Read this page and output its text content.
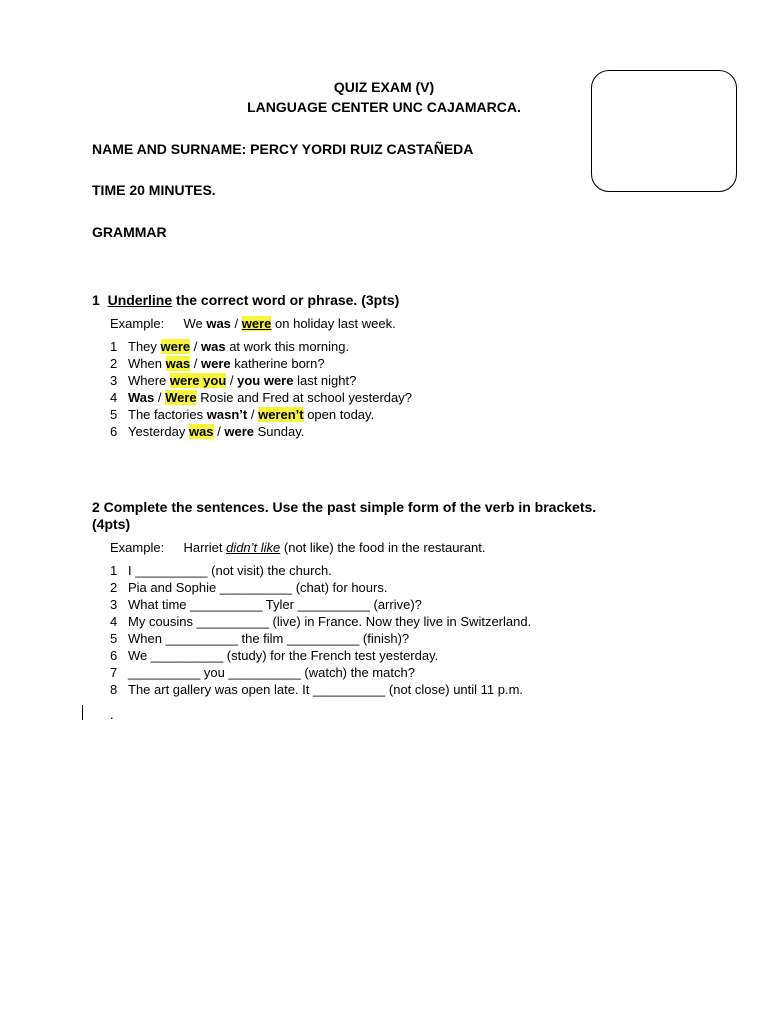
QUIZ EXAM (V)
LANGUAGE CENTER UNC CAJAMARCA.
NAME AND SURNAME: PERCY YORDI RUIZ CASTAÑEDA
TIME 20 MINUTES.
GRAMMAR
1 Underline the correct word or phrase. (3pts)
Example: We was / were on holiday last week.
1 They were / was at work this morning.
2 When was / were katherine born?
3 Where were you / you were last night?
4 Was / Were Rosie and Fred at school yesterday?
5 The factories wasn’t / weren’t open today.
6 Yesterday was / were Sunday.
2 Complete the sentences. Use the past simple form of the verb in brackets.
(4pts)
Example: Harriet didn’t like (not like) the food in the restaurant.
1 I __________ (not visit) the church.
2 Pia and Sophie __________ (chat) for hours.
3 What time __________ Tyler __________ (arrive)?
4 My cousins __________ (live) in France. Now they live in Switzerland.
5 When __________ the film __________ (finish)?
6 We __________ (study) for the French test yesterday.
7 __________ you __________ (watch) the match?
8 The art gallery was open late. It __________ (not close) until 11 p.m.
.
